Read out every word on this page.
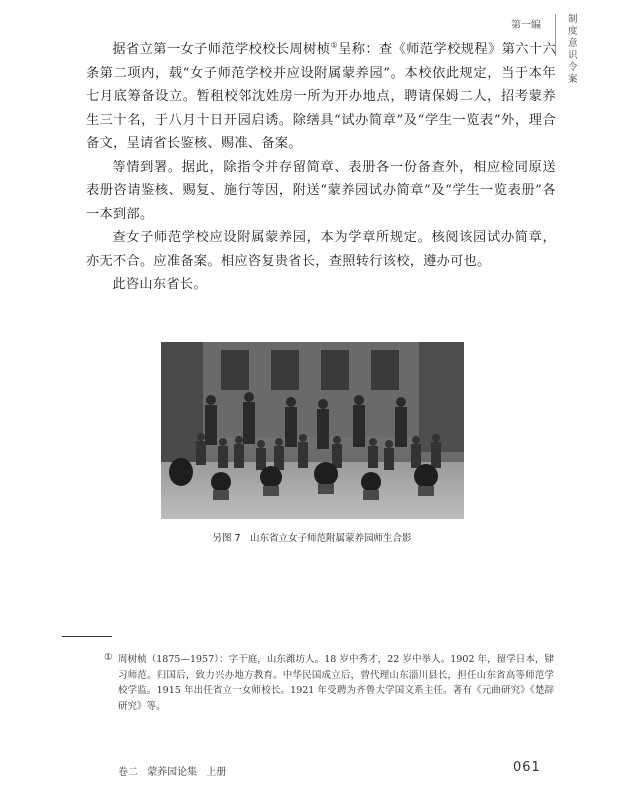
第一编
制度意识令案

据省立第一女子师范学校校长周树桢①呈称：查《师范学校规程》第六十六条第二项内，载“女子师范学校并应设附属蒙养园”。本校依此规定，当于本年七月底筹备设立。暂租校邻沈姓房一所为开办地点，聘请保姆二人，招考蒙养生三十名，于八月十日开园启诱。除缮具“试办简章”及“学生一览表”外，理合备文，呈请省长鉴核、赐准、备案。

等情到署。据此，除指令并存留简章、表册各一份备查外，相应检同原送表册咨请鉴核、赐复、施行等因，附送“蒙养园试办简章”及“学生一览表册”各一本到部。

查女子师范学校应设附属蒙养园，本为学章所规定。核阅该园试办简章，亦无不合。应准备案。相应咨复贵省长，查照转行该校，遵办可也。

此咨山东省长。

另图 7　山东省立女子师范附属蒙养园师生合影
① 周树桢（1875—1957）：字干庭，山东潍坊人。18 岁中秀才，22 岁中举人。1902 年，留学日本，肄习师范。归国后，致力兴办地方教育。中华民国成立后，曾代理山东淄川县长，担任山东省高等师范学校学监。1915 年出任省立一女师校长。1921 年受聘为齐鲁大学国文系主任。著有《元曲研究》《楚辞研究》等。
卷二 蒙养园论集 上册	061
